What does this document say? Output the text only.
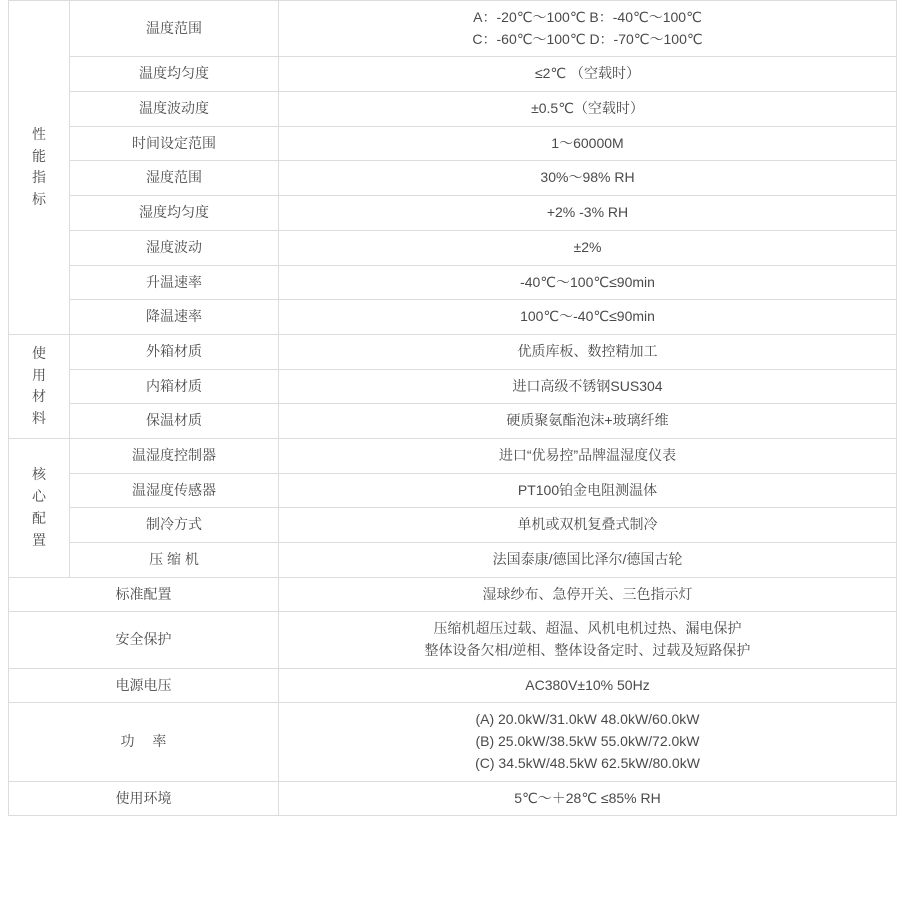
性能指标	温度范围	A：-20℃～100℃ B：-40℃～100℃
C：-60℃～100℃ D：-70℃～100℃

	温度均匀度	≤2℃ （空载时）

	温度波动度	±0.5℃（空载时）

	时间设定范围	1～60000M

	湿度范围	30%～98% RH

	湿度均匀度	+2% -3% RH

	湿度波动	±2%

	升温速率	-40℃～100℃≤90min

	降温速率	100℃～-40℃≤90min

使用材料	外箱材质	优质库板、数控精加工

	内箱材质	进口高级不锈钢SUS304

	保温材质	硬质聚氨酯泡沫+玻璃纤维

核心配置	温湿度控制器	进口“优易控”品牌温湿度仪表

	温湿度传感器	PT100铂金电阻测温体

	制冷方式	单机或双机复叠式制冷

	压 缩 机	法国泰康/德国比泽尔/德国古轮

标准配置		湿球纱布、急停开关、三色指示灯

安全保护		压缩机超压过载、超温、风机电机过热、漏电保护
整体设备欠相/逆相、整体设备定时、过载及短路保护

电源电压		AC380V±10% 50Hz

功　 率		(A) 20.0kW/31.0kW 48.0kW/60.0kW
(B) 25.0kW/38.5kW 55.0kW/72.0kW
(C) 34.5kW/48.5kW 62.5kW/80.0kW

使用环境		5℃～＋28℃ ≤85% RH
